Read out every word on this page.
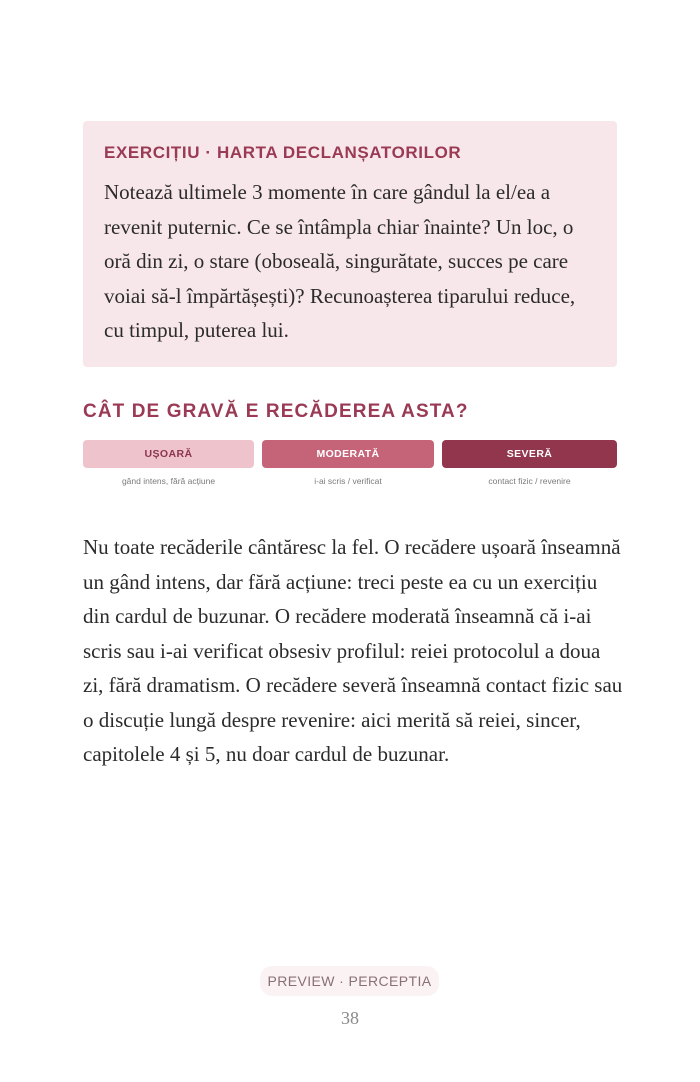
EXERCIȚIU · HARTA DECLANȘATORILOR

Notează ultimele 3 momente în care gândul la el/ea a revenit puternic. Ce se întâmpla chiar înainte? Un loc, o oră din zi, o stare (oboseală, singurătate, succes pe care voiai să-l împărtășești)? Recunoașterea tiparului reduce, cu timpul, puterea lui.

CÂT DE GRAVĂ E RECĂDEREA ASTA?
UȘOARĂ	MODERATĂ	SEVERĂ
gând intens, fără acțiune	i-ai scris / verificat	contact fizic / revenire

Nu toate recăderile cântăresc la fel. O recădere ușoară înseamnă un gând intens, dar fără acțiune: treci peste ea cu un exercițiu din cardul de buzunar. O recădere moderată înseamnă că i-ai scris sau i-ai verificat obsesiv profilul: reiei protocolul a doua zi, fără dramatism. O recădere severă înseamnă contact fizic sau o discuție lungă despre revenire: aici merită să reiei, sincer, capitolele 4 și 5, nu doar cardul de buzunar.

PREVIEW · PERCEPTIA
38
